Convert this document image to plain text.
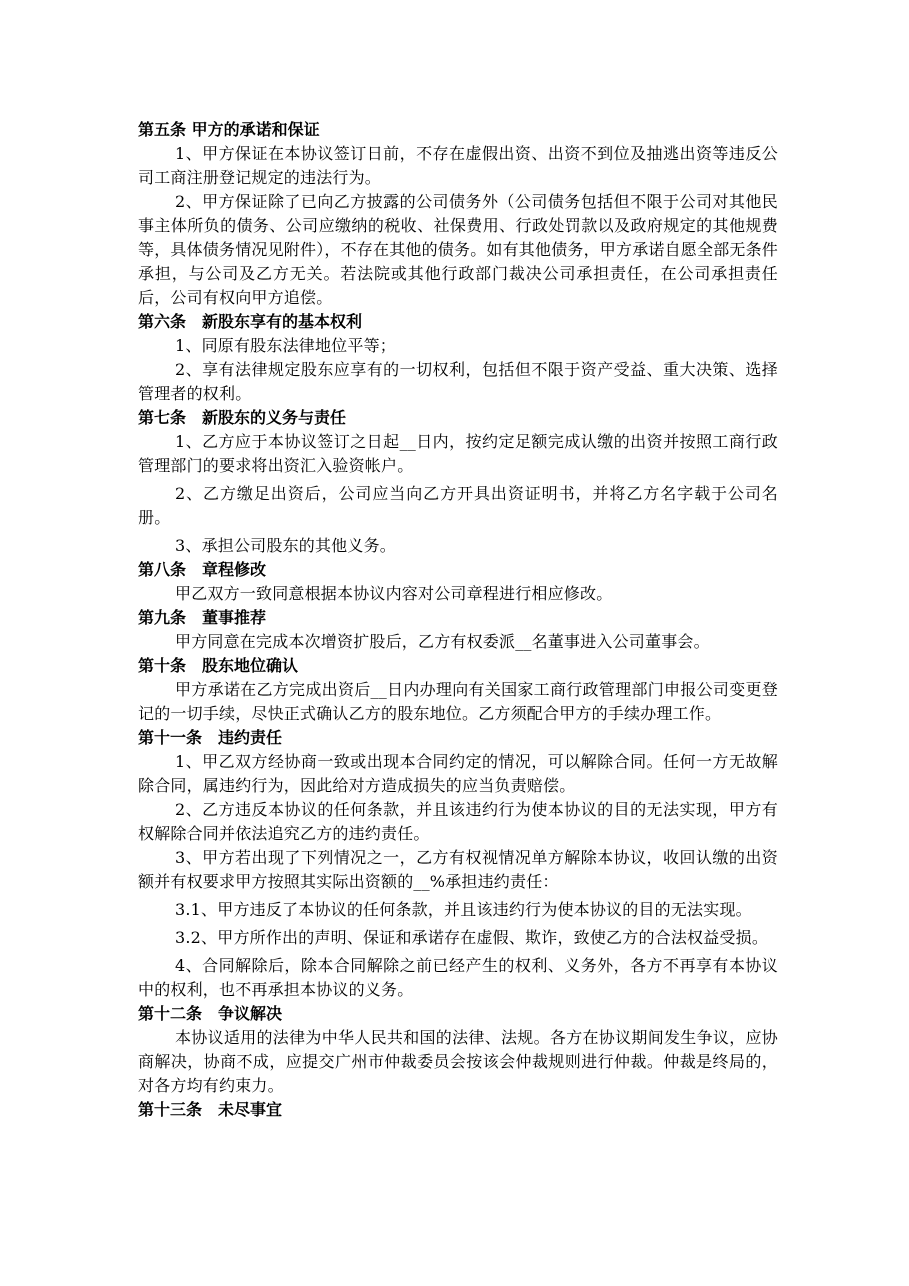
第五条 甲方的承诺和保证

1、甲方保证在本协议签订日前，不存在虚假出资、出资不到位及抽逃出资等违反公司工商注册登记规定的违法行为。

2、甲方保证除了已向乙方披露的公司债务外（公司债务包括但不限于公司对其他民事主体所负的债务、公司应缴纳的税收、社保费用、行政处罚款以及政府规定的其他规费等，具体债务情况见附件），不存在其他的债务。如有其他债务，甲方承诺自愿全部无条件承担，与公司及乙方无关。若法院或其他行政部门裁决公司承担责任，在公司承担责任后，公司有权向甲方追偿。

第六条　新股东享有的基本权利

1、同原有股东法律地位平等；

2、享有法律规定股东应享有的一切权利，包括但不限于资产受益、重大决策、选择管理者的权利。

第七条　新股东的义务与责任

1、乙方应于本协议签订之日起__日内，按约定足额完成认缴的出资并按照工商行政管理部门的要求将出资汇入验资帐户。

2、乙方缴足出资后，公司应当向乙方开具出资证明书，并将乙方名字载于公司名册。

3、承担公司股东的其他义务。

第八条　章程修改

甲乙双方一致同意根据本协议内容对公司章程进行相应修改。

第九条　董事推荐

甲方同意在完成本次增资扩股后，乙方有权委派__名董事进入公司董事会。

第十条　股东地位确认

甲方承诺在乙方完成出资后__日内办理向有关国家工商行政管理部门申报公司变更登记的一切手续，尽快正式确认乙方的股东地位。乙方须配合甲方的手续办理工作。

第十一条　违约责任

1、甲乙双方经协商一致或出现本合同约定的情况，可以解除合同。任何一方无故解除合同，属违约行为，因此给对方造成损失的应当负责赔偿。

2、乙方违反本协议的任何条款，并且该违约行为使本协议的目的无法实现，甲方有权解除合同并依法追究乙方的违约责任。

3、甲方若出现了下列情况之一，乙方有权视情况单方解除本协议，收回认缴的出资额并有权要求甲方按照其实际出资额的__%承担违约责任：

3.1、甲方违反了本协议的任何条款，并且该违约行为使本协议的目的无法实现。

3.2、甲方所作出的声明、保证和承诺存在虚假、欺诈，致使乙方的合法权益受损。

4、合同解除后，除本合同解除之前已经产生的权利、义务外，各方不再享有本协议中的权利，也不再承担本协议的义务。

第十二条　争议解决

本协议适用的法律为中华人民共和国的法律、法规。各方在协议期间发生争议，应协商解决，协商不成，应提交广州市仲裁委员会按该会仲裁规则进行仲裁。仲裁是终局的，对各方均有约束力。

第十三条　未尽事宜
